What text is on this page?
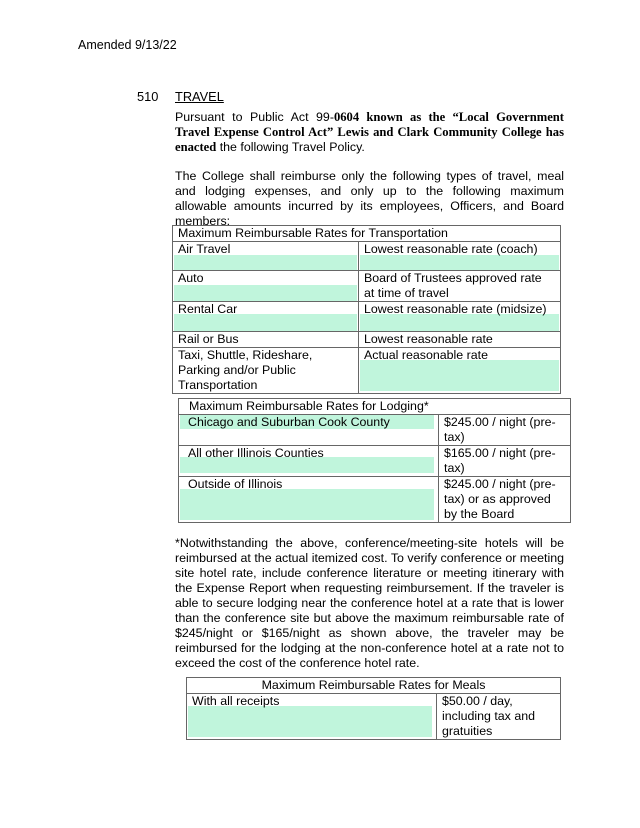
Amended 9/13/22
510 TRAVEL
Pursuant to Public Act 99-0604 known as the “Local Government Travel Expense Control Act” Lewis and Clark Community College has enacted the following Travel Policy.
The College shall reimburse only the following types of travel, meal and lodging expenses, and only up to the following maximum allowable amounts incurred by its employees, Officers, and Board members:
Maximum Reimbursable Rates for Transportation	

Air Travel	Lowest reasonable rate (coach)

Auto	Board of Trustees approved rate at time of travel

Rental Car	Lowest reasonable rate (midsize)

Rail or Bus	Lowest reasonable rate

Taxi, Shuttle, Rideshare, Parking and/or Public Transportation	Actual reasonable rate
Maximum Reimbursable Rates for Lodging*	

Chicago and Suburban Cook County	$245.00 / night (pre-tax)

All other Illinois Counties	$165.00 / night (pre-tax)

Outside of Illinois	$245.00 / night (pre-tax) or as approved by the Board
*Notwithstanding the above, conference/meeting-site hotels will be reimbursed at the actual itemized cost. To verify conference or meeting site hotel rate, include conference literature or meeting itinerary with the Expense Report when requesting reimbursement. If the traveler is able to secure lodging near the conference hotel at a rate that is lower than the conference site but above the maximum reimbursable rate of $245/night or $165/night as shown above, the traveler may be reimbursed for the lodging at the non-conference hotel at a rate not to exceed the cost of the conference hotel rate.
Maximum Reimbursable Rates for Meals

With all receipts	$50.00 / day, including tax and gratuities
